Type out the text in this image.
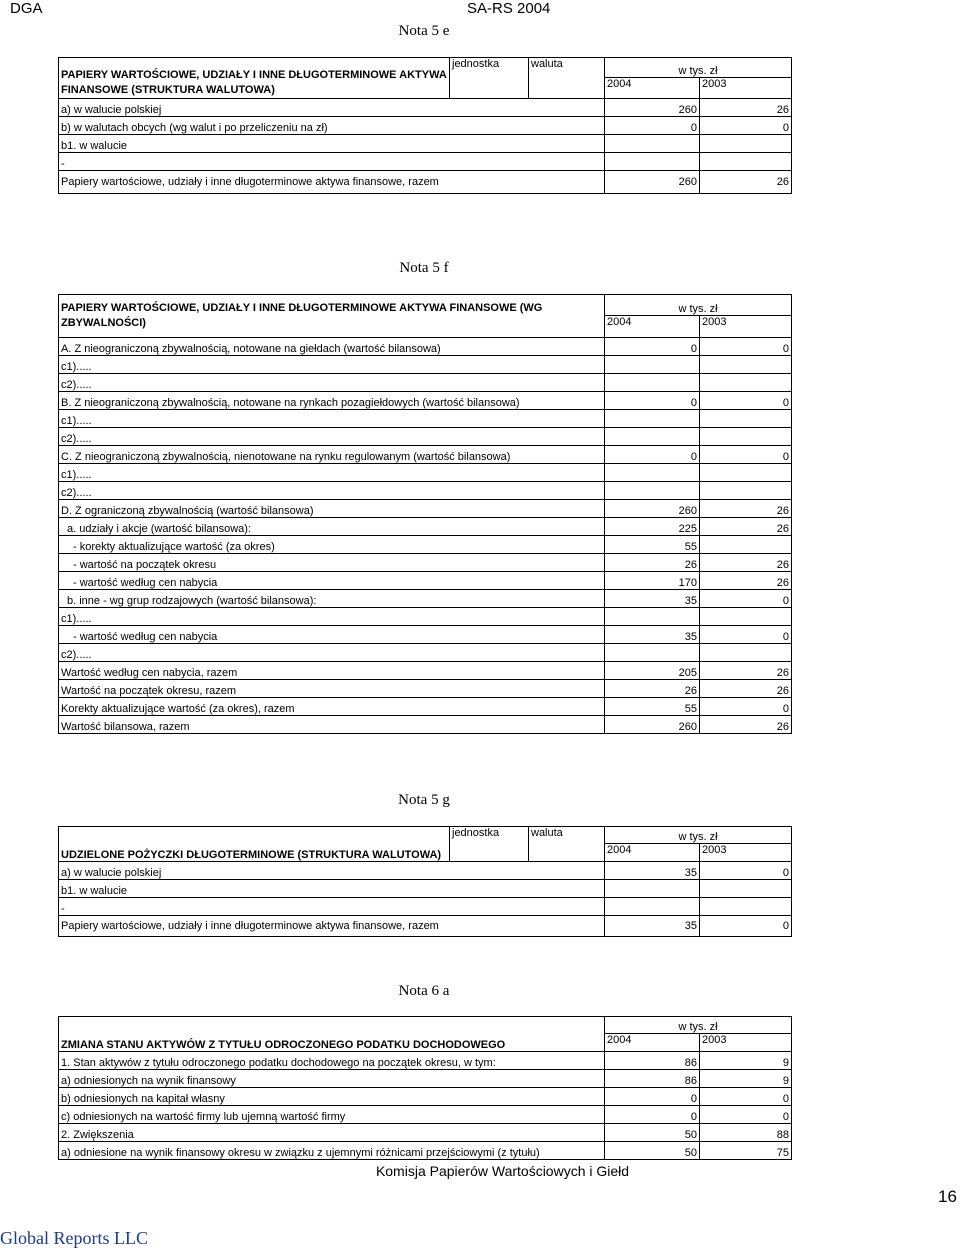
DGA	SA-RS 2004
Nota 5 e
PAPIERY WARTOŚCIOWE, UDZIAŁY I INNE DŁUGOTERMINOWE AKTYWA FINANSOWE (STRUKTURA WALUTOWA)	jednostka	waluta	w tys. zł	
			2004	2003
a) w walucie polskiej			260	26
b) w walutach obcych (wg walut i po przeliczeniu na zł)			0	0
b1. w walucie				
-				
Papiery wartościowe, udziały i inne długoterminowe aktywa finansowe, razem			260	26
Nota 5 f
PAPIERY WARTOŚCIOWE, UDZIAŁY I INNE DŁUGOTERMINOWE AKTYWA FINANSOWE (WG ZBYWALNOŚCI)	w tys. zł	
	2004	2003
A. Z nieograniczoną zbywalnością, notowane na giełdach (wartość bilansowa)	0	0
c1).....		
c2).....		
B. Z nieograniczoną zbywalnością, notowane na rynkach pozagiełdowych (wartość bilansowa)	0	0
c1).....		
c2).....		
C. Z nieograniczoną zbywalnością, nienotowane na rynku regulowanym (wartość bilansowa)	0	0
c1).....		
c2).....		
D. Z ograniczoną zbywalnością (wartość bilansowa)	260	26
a. udziały i akcje (wartość bilansowa):	225	26
- korekty aktualizujące wartość (za okres)	55	
- wartość na początek okresu	26	26
- wartość według cen nabycia	170	26
b. inne - wg grup rodzajowych (wartość bilansowa):	35	0
c1).....		
- wartość według cen nabycia	35	0
c2).....		
Wartość według cen nabycia, razem	205	26
Wartość na początek okresu, razem	26	26
Korekty aktualizujące wartość (za okres), razem	55	0
Wartość bilansowa, razem	260	26
Nota 5 g
UDZIELONE POŻYCZKI DŁUGOTERMINOWE (STRUKTURA WALUTOWA)	jednostka	waluta	w tys. zł	
			2004	2003
a) w walucie polskiej			35	0
b1. w walucie				
-				
Papiery wartościowe, udziały i inne długoterminowe aktywa finansowe, razem			35	0
Nota 6 a
ZMIANA STANU AKTYWÓW Z TYTUŁU ODROCZONEGO PODATKU DOCHODOWEGO	w tys. zł	
	2004	2003
1. Stan aktywów z tytułu odroczonego podatku dochodowego na początek okresu, w tym:	86	9
a) odniesionych na wynik finansowy	86	9
b) odniesionych na kapitał własny	0	0
c) odniesionych na wartość firmy lub ujemną wartość firmy	0	0
2. Zwiększenia	50	88
a) odniesione na wynik finansowy okresu w związku z ujemnymi różnicami przejściowymi (z tytułu)	50	75
Komisja Papierów Wartościowych i Giełd
16
Global Reports LLC
